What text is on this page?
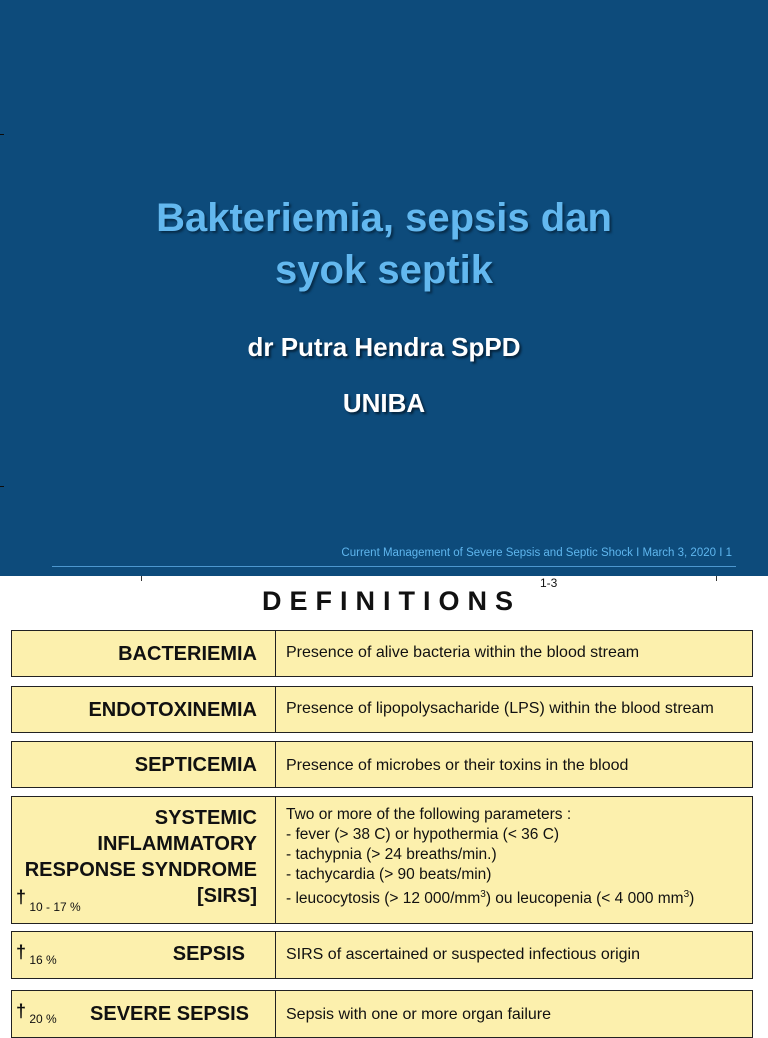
Bakteriemia, sepsis dan
syok septik
dr Putra Hendra SpPD
UNIBA
Current Management of Severe Sepsis and Septic Shock I March 3, 2020 I 1
DEFINITIONS
1-3
BACTERIEMIA Presence of alive bacteria within the blood stream
ENDOTOXINEMIA Presence of lipopolysacharide (LPS) within the blood stream
SEPTICEMIA Presence of microbes or their toxins in the blood
SYSTEMIC
INFLAMMATORY
RESPONSE SYNDROME
[SIRS]
† 10 - 17 %
Two or more of the following parameters :
- fever (> 38 C) or hypothermia (< 36 C)
- tachypnia (> 24 breaths/min.)
- tachycardia (> 90 beats/min)
- leucocytosis (> 12 $000/mm^3$) ou leucopenia (< 4 000 $mm^3$)
† 16 %	SEPSIS	SIRS of ascertained or suspected infectious origin
† 20 % SEVERE SEPSIS Sepsis with one or more organ failure
